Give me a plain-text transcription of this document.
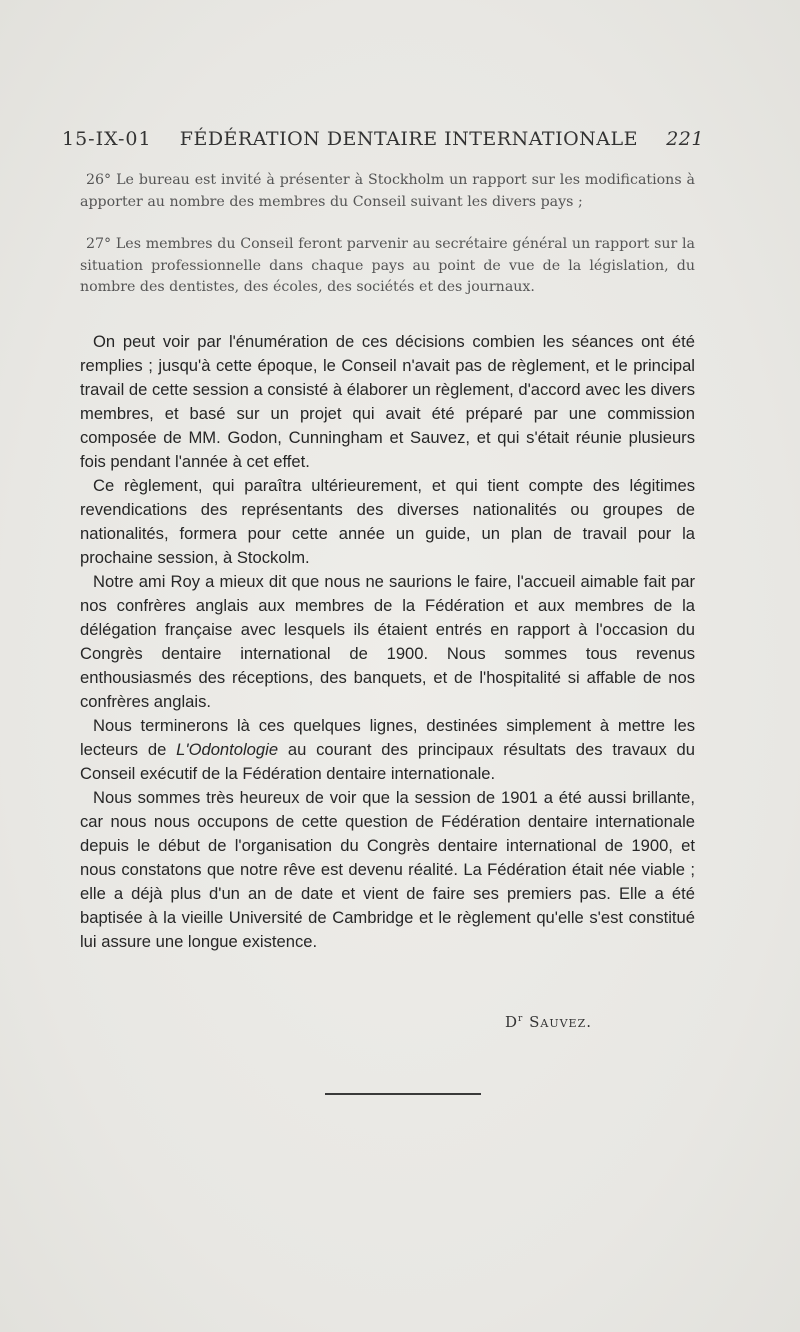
15-IX-01 FÉDÉRATION DENTAIRE INTERNATIONALE 221

26° Le bureau est invité à présenter à Stockholm un rapport sur les modifications à apporter au nombre des membres du Conseil suivant les divers pays ;

27° Les membres du Conseil feront parvenir au secrétaire général un rapport sur la situation professionnelle dans chaque pays au point de vue de la législation, du nombre des dentistes, des écoles, des sociétés et des journaux.

On peut voir par l'énumération de ces décisions combien les séances ont été remplies ; jusqu'à cette époque, le Conseil n'avait pas de règlement, et le principal travail de cette session a consisté à élaborer un règlement, d'accord avec les divers membres, et basé sur un projet qui avait été préparé par une commission composée de MM. Godon, Cunningham et Sauvez, et qui s'était réunie plusieurs fois pendant l'année à cet effet.

Ce règlement, qui paraîtra ultérieurement, et qui tient compte des légitimes revendications des représentants des diverses nationalités ou groupes de nationalités, formera pour cette année un guide, un plan de travail pour la prochaine session, à Stockolm.

Notre ami Roy a mieux dit que nous ne saurions le faire, l'accueil aimable fait par nos confrères anglais aux membres de la Fédération et aux membres de la délégation française avec lesquels ils étaient entrés en rapport à l'occasion du Congrès dentaire international de 1900. Nous sommes tous revenus enthousiasmés des réceptions, des banquets, et de l'hospitalité si affable de nos confrères anglais.

Nous terminerons là ces quelques lignes, destinées simplement à mettre les lecteurs de L'Odontologie au courant des principaux résultats des travaux du Conseil exécutif de la Fédération dentaire internationale.

Nous sommes très heureux de voir que la session de 1901 a été aussi brillante, car nous nous occupons de cette question de Fédération dentaire internationale depuis le début de l'organisation du Congrès dentaire international de 1900, et nous constatons que notre rêve est devenu réalité. La Fédération était née viable ; elle a déjà plus d'un an de date et vient de faire ses premiers pas. Elle a été baptisée à la vieille Université de Cambridge et le règlement qu'elle s'est constitué lui assure une longue existence.

$D^r$ Sauvez.
